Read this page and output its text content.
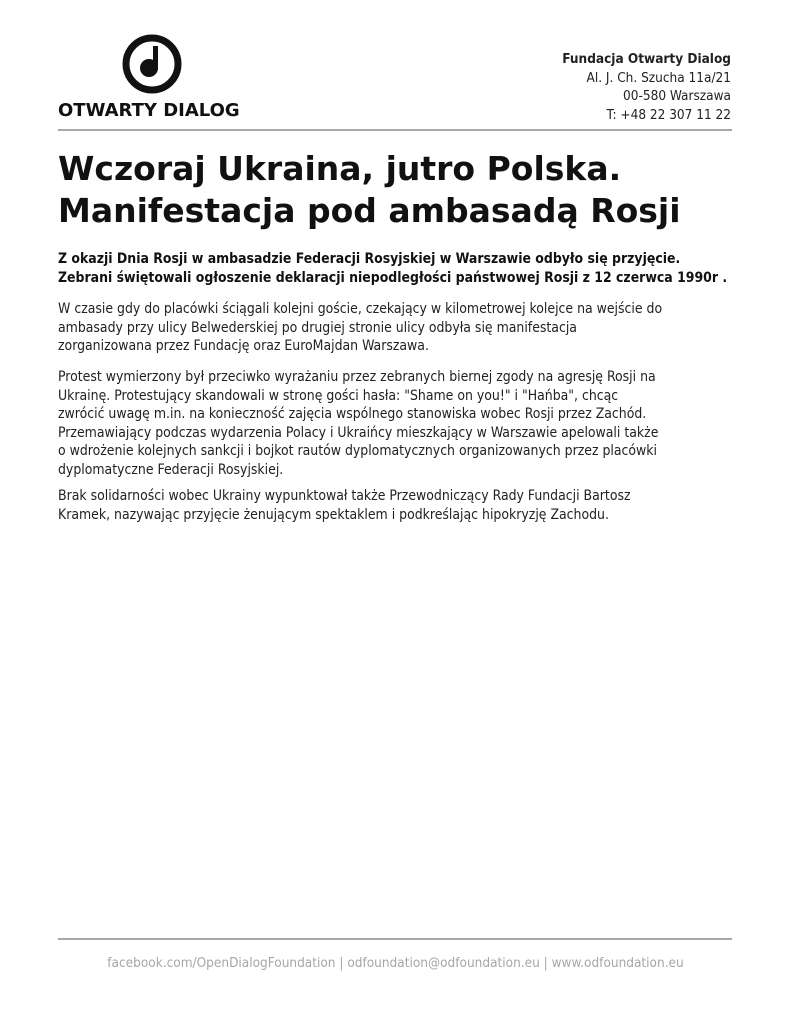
OTWARTY DIALOG
Fundacja Otwarty Dialog
Al. J. Ch. Szucha 11a/21
00-580 Warszawa
T: +48 22 307 11 22
Wczoraj Ukraina, jutro Polska.
Manifestacja pod ambasadą Rosji
Z okazji Dnia Rosji w ambasadzie Federacji Rosyjskiej w Warszawie odbyło się przyjęcie.
Zebrani świętowali ogłoszenie deklaracji niepodległości państwowej Rosji z 12 czerwca 1990r .
W czasie gdy do placówki ściągali kolejni goście, czekający w kilometrowej kolejce na wejście do
ambasady przy ulicy Belwederskiej po drugiej stronie ulicy odbyła się manifestacja
zorganizowana przez Fundację oraz EuroMajdan Warszawa.
Protest wymierzony był przeciwko wyrażaniu przez zebranych biernej zgody na agresję Rosji na
Ukrainę. Protestujący skandowali w stronę gości hasła: "Shame on you!" i "Hańba", chcąc
zwrócić uwagę m.in. na konieczność zajęcia wspólnego stanowiska wobec Rosji przez Zachód.
Przemawiający podczas wydarzenia Polacy i Ukraińcy mieszkający w Warszawie apelowali także
o wdrożenie kolejnych sankcji i bojkot rautów dyplomatycznych organizowanych przez placówki
dyplomatyczne Federacji Rosyjskiej.
Brak solidarności wobec Ukrainy wypunktował także Przewodniczący Rady Fundacji Bartosz
Kramek, nazywając przyjęcie żenującym spektaklem i podkreślając hipokryzję Zachodu.
facebook.com/OpenDialogFoundation | odfoundation@odfoundation.eu | www.odfoundation.eu
